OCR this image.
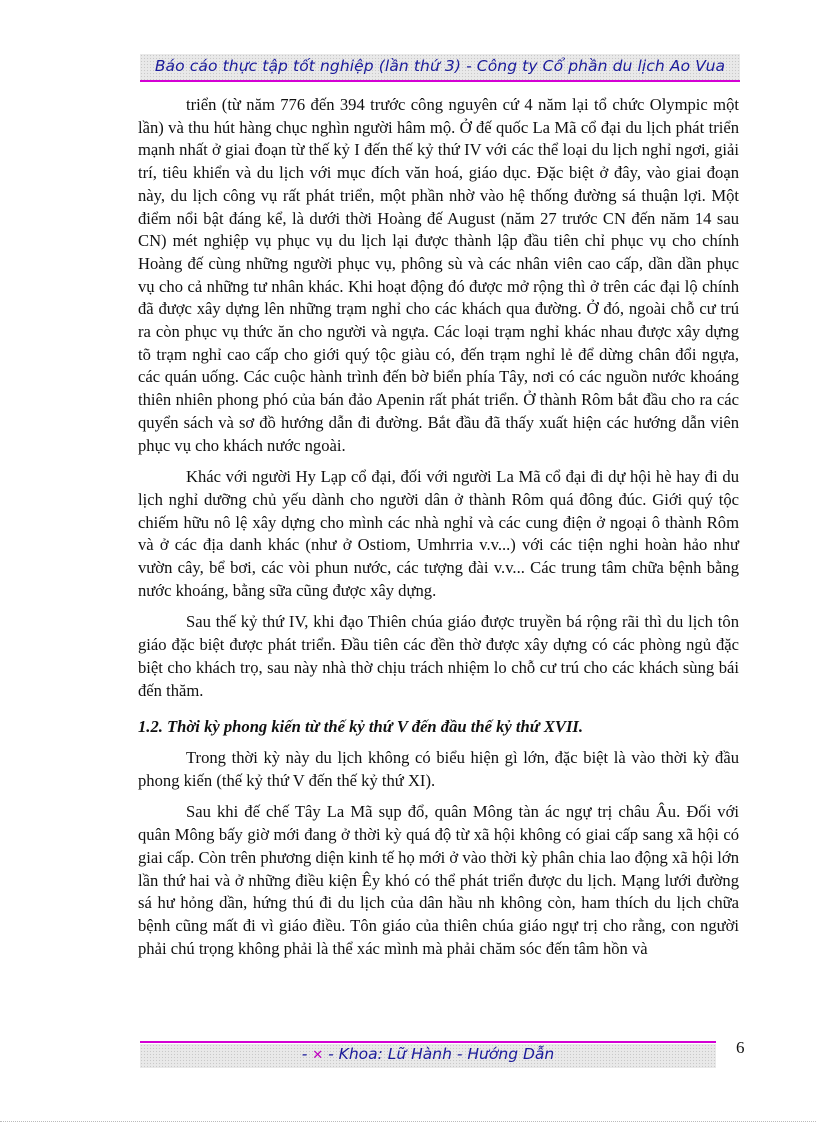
Báo cáo thực tập tốt nghiệp (lần thứ 3) - Công ty Cổ phần du lịch Ao Vua

triển (từ năm 776 đến 394 trước công nguyên cứ 4 năm lại tổ chức Olympic một lần) và thu hút hàng chục nghìn người hâm mộ. Ở đế quốc La Mã cổ đại du lịch phát triển mạnh nhất ở giai đoạn từ thế kỷ I đến thế kỷ thứ IV với các thể loại du lịch nghỉ ngơi, giải trí, tiêu khiển và du lịch với mục đích văn hoá, giáo dục. Đặc biệt ở đây, vào giai đoạn này, du lịch công vụ rất phát triển, một phần nhờ vào hệ thống đường sá thuận lợi. Một điểm nổi bật đáng kể, là dưới thời Hoàng đế August (năm 27 trước CN đến năm 14 sau CN) mét nghiệp vụ phục vụ du lịch lại được thành lập đầu tiên chỉ phục vụ cho chính Hoàng đế cùng những người phục vụ, phông sù và các nhân viên cao cấp, dần dần phục vụ cho cả những tư nhân khác. Khi hoạt động đó được mở rộng thì ở trên các đại lộ chính đã được xây dựng lên những trạm nghỉ cho các khách qua đường. Ở đó, ngoài chỗ cư trú ra còn phục vụ thức ăn cho người và ngựa. Các loại trạm nghỉ khác nhau được xây dựng tõ trạm nghỉ cao cấp cho giới quý tộc giàu có, đến trạm nghỉ lẻ để dừng chân đổi ngựa, các quán uống. Các cuộc hành trình đến bờ biển phía Tây, nơi có các nguồn nước khoáng thiên nhiên phong phó của bán đảo Apenin rất phát triển. Ở thành Rôm bắt đầu cho ra các quyển sách và sơ đồ hướng dẫn đi đường. Bắt đầu đã thấy xuất hiện các hướng dẫn viên phục vụ cho khách nước ngoài.

Khác với người Hy Lạp cổ đại, đối với người La Mã cổ đại đi dự hội hè hay đi du lịch nghỉ dưỡng chủ yếu dành cho người dân ở thành Rôm quá đông đúc. Giới quý tộc chiếm hữu nô lệ xây dựng cho mình các nhà nghỉ và các cung điện ở ngoại ô thành Rôm và ở các địa danh khác (như ở Ostiom, Umhrria v.v...) với các tiện nghi hoàn hảo như vườn cây, bể bơi, các vòi phun nước, các tượng đài v.v... Các trung tâm chữa bệnh bằng nước khoáng, bằng sữa cũng được xây dựng.

Sau thế kỷ thứ IV, khi đạo Thiên chúa giáo được truyền bá rộng rãi thì du lịch tôn giáo đặc biệt được phát triển. Đầu tiên các đền thờ được xây dựng có các phòng ngủ đặc biệt cho khách trọ, sau này nhà thờ chịu trách nhiệm lo chỗ cư trú cho các khách sùng bái đến thăm.

1.2. Thời kỳ phong kiến từ thế kỷ thứ V đến đầu thế kỷ thứ XVII.

Trong thời kỳ này du lịch không có biểu hiện gì lớn, đặc biệt là vào thời kỳ đầu phong kiến (thế kỷ thứ V đến thế kỷ thứ XI).

Sau khi đế chế Tây La Mã sụp đổ, quân Mông tàn ác ngự trị châu Âu. Đối với quân Mông bấy giờ mới đang ở thời kỳ quá độ từ xã hội không có giai cấp sang xã hội có giai cấp. Còn trên phương diện kinh tế họ mới ở vào thời kỳ phân chia lao động xã hội lớn lần thứ hai và ở những điều kiện Êy khó có thể phát triển được du lịch. Mạng lưới đường sá hư hỏng dần, hứng thú đi du lịch của dân hầu nh không còn, ham thích du lịch chữa bệnh cũng mất đi vì giáo điều. Tôn giáo của thiên chúa giáo ngự trị cho rằng, con người phải chú trọng không phải là thể xác mình mà phải chăm sóc đến tâm hồn và

- ✕ - Khoa: Lữ Hành - Hướng Dẫn	6
